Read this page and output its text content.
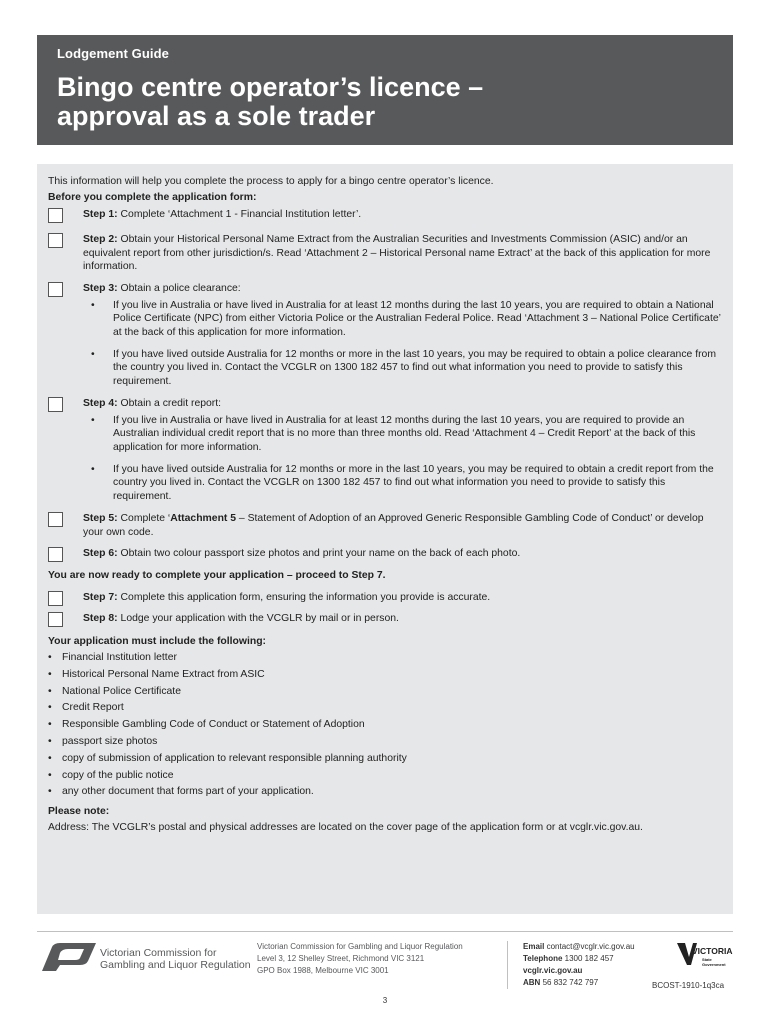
Lodgement Guide
Bingo centre operator’s licence –
approval as a sole trader
This information will help you complete the process to apply for a bingo centre operator’s licence.
Before you complete the application form:
Step 1: Complete ‘Attachment 1 - Financial Institution letter’.
Step 2: Obtain your Historical Personal Name Extract from the Australian Securities and Investments Commission (ASIC) and/or an equivalent report from other jurisdiction/s. Read ‘Attachment 2 – Historical Personal name Extract’ at the back of this application for more information.
Step 3: Obtain a police clearance:
• If you live in Australia or have lived in Australia for at least 12 months during the last 10 years, you are required to obtain a National Police Certificate (NPC) from either Victoria Police or the Australian Federal Police. Read ‘Attachment 3 – National Police Certificate’ at the back of this application for more information.
• If you have lived outside Australia for 12 months or more in the last 10 years, you may be required to obtain a police clearance from the country you lived in. Contact the VCGLR on 1300 182 457 to find out what information you need to provide to satisfy this requirement.
Step 4: Obtain a credit report:
• If you live in Australia or have lived in Australia for at least 12 months during the last 10 years, you are required to provide an Australian individual credit report that is no more than three months old. Read ‘Attachment 4 – Credit Report’ at the back of this application for more information.
• If you have lived outside Australia for 12 months or more in the last 10 years, you may be required to obtain a credit report from the country you lived in. Contact the VCGLR on 1300 182 457 to find out what information you need to provide to satisfy this requirement.
Step 5: Complete ‘Attachment 5 – Statement of Adoption of an Approved Generic Responsible Gambling Code of Conduct’ or develop your own code.
Step 6: Obtain two colour passport size photos and print your name on the back of each photo.
You are now ready to complete your application – proceed to Step 7.
Step 7: Complete this application form, ensuring the information you provide is accurate.
Step 8: Lodge your application with the VCGLR by mail or in person.
Your application must include the following:
• Financial Institution letter
• Historical Personal Name Extract from ASIC
• National Police Certificate
• Credit Report
• Responsible Gambling Code of Conduct or Statement of Adoption
• passport size photos
• copy of submission of application to relevant responsible planning authority
• copy of the public notice
• any other document that forms part of your application.
Please note:
Address: The VCGLR’s postal and physical addresses are located on the cover page of the application form or at vcglr.vic.gov.au.
Victorian Commission for
Gambling and Liquor Regulation
Victorian Commission for Gambling and Liquor Regulation
Level 3, 12 Shelley Street, Richmond VIC 3121
GPO Box 1988, Melbourne VIC 3001
Email contact@vcglr.vic.gov.au
Telephone 1300 182 457
vcglr.vic.gov.au
ABN 56 832 742 797
VICTORIA
State
Government
BCOST-1910-1q3ca
3
